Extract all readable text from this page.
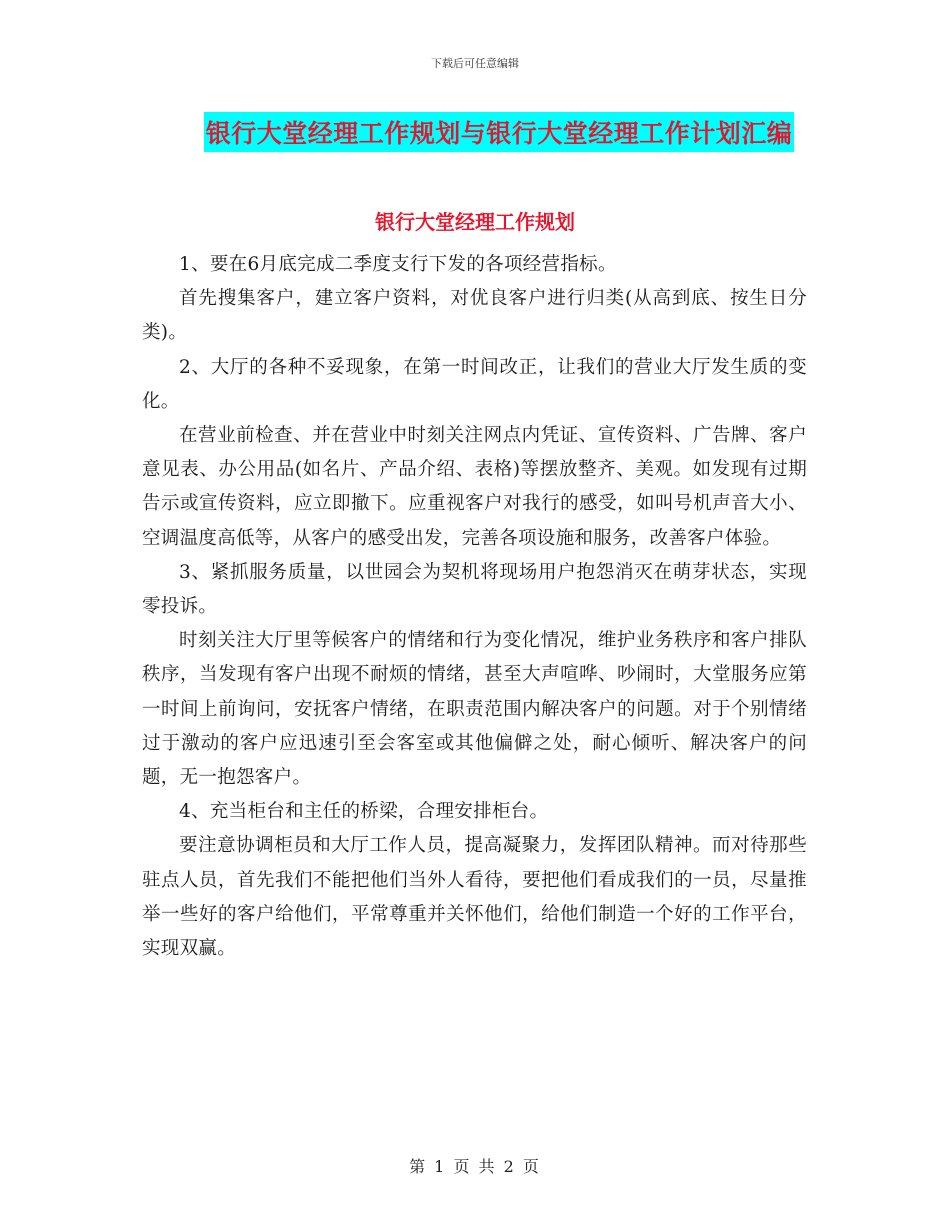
下载后可任意编辑
银行大堂经理工作规划与银行大堂经理工作计划汇编
银行大堂经理工作规划

1、要在6月底完成二季度支行下发的各项经营指标。

首先搜集客户，建立客户资料，对优良客户进行归类(从高到底、按生日分类)。

2、大厅的各种不妥现象，在第一时间改正，让我们的营业大厅发生质的变化。

在营业前检查、并在营业中时刻关注网点内凭证、宣传资料、广告牌、客户意见表、办公用品(如名片、产品介绍、表格)等摆放整齐、美观。如发现有过期告示或宣传资料，应立即撤下。应重视客户对我行的感受，如叫号机声音大小、空调温度高低等，从客户的感受出发，完善各项设施和服务，改善客户体验。

3、紧抓服务质量，以世园会为契机将现场用户抱怨消灭在萌芽状态，实现零投诉。

时刻关注大厅里等候客户的情绪和行为变化情况，维护业务秩序和客户排队秩序，当发现有客户出现不耐烦的情绪，甚至大声喧哗、吵闹时，大堂服务应第一时间上前询问，安抚客户情绪，在职责范围内解决客户的问题。对于个别情绪过于激动的客户应迅速引至会客室或其他偏僻之处，耐心倾听、解决客户的问题，无一抱怨客户。

4、充当柜台和主任的桥梁，合理安排柜台。

要注意协调柜员和大厅工作人员，提高凝聚力，发挥团队精神。而对待那些驻点人员，首先我们不能把他们当外人看待，要把他们看成我们的一员，尽量推举一些好的客户给他们，平常尊重并关怀他们，给他们制造一个好的工作平台，实现双赢。

第 1 页 共 2 页
